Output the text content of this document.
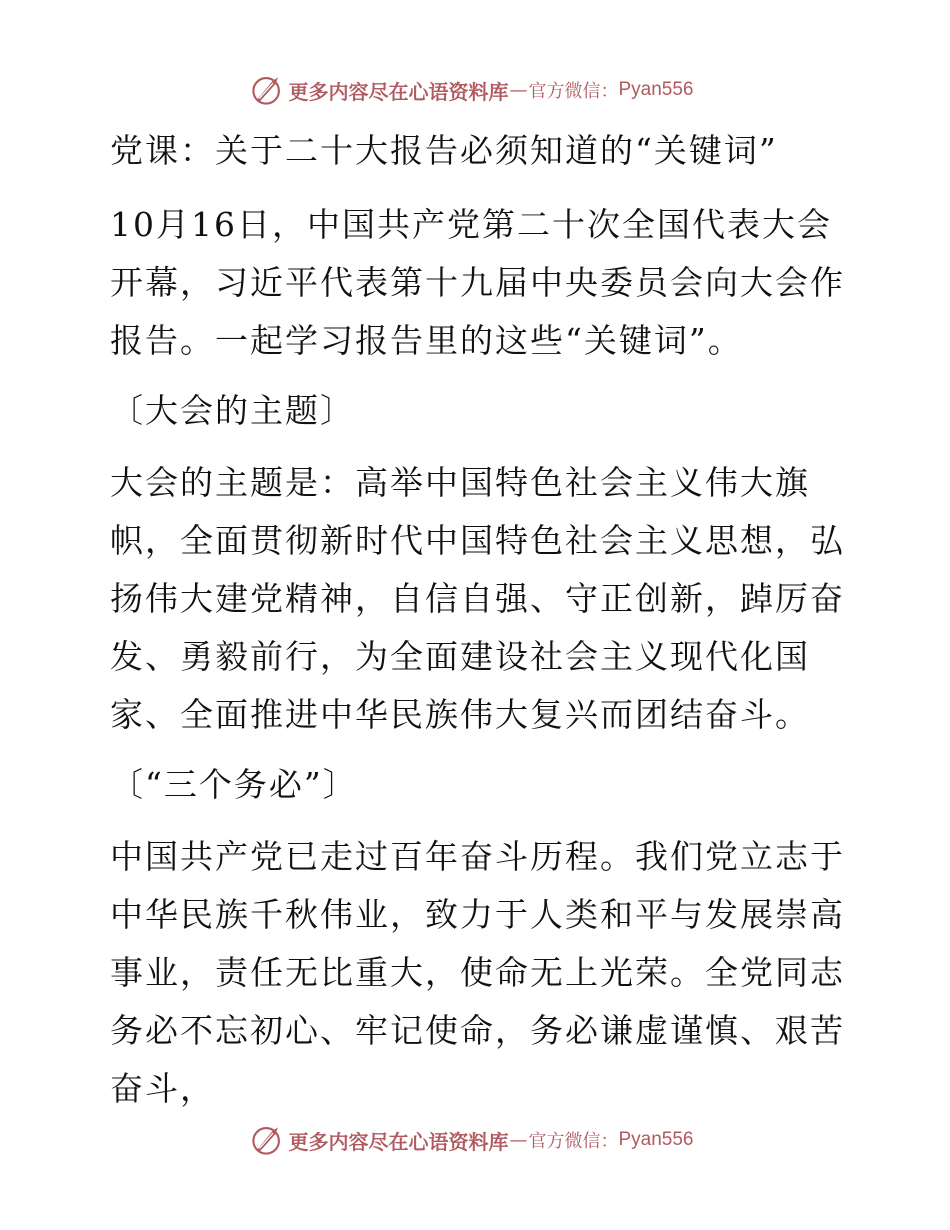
更多内容尽在心语资料库 — 官方微信： Pyan556

党课：关于二十大报告必须知道的“关键词”

10月16日，中国共产党第二十次全国代表大会开幕，习近平代表第十九届中央委员会向大会作报告。一起学习报告里的这些“关键词”。

〔大会的主题〕

大会的主题是：高举中国特色社会主义伟大旗帜，全面贯彻新时代中国特色社会主义思想，弘扬伟大建党精神，自信自强、守正创新，踔厉奋发、勇毅前行，为全面建设社会主义现代化国家、全面推进中华民族伟大复兴而团结奋斗。

〔“三个务必”〕

中国共产党已走过百年奋斗历程。我们党立志于中华民族千秋伟业，致力于人类和平与发展崇高事业，责任无比重大，使命无上光荣。全党同志务必不忘初心、牢记使命，务必谦虚谨慎、艰苦奋斗，

更多内容尽在心语资料库 — 官方微信： Pyan556
